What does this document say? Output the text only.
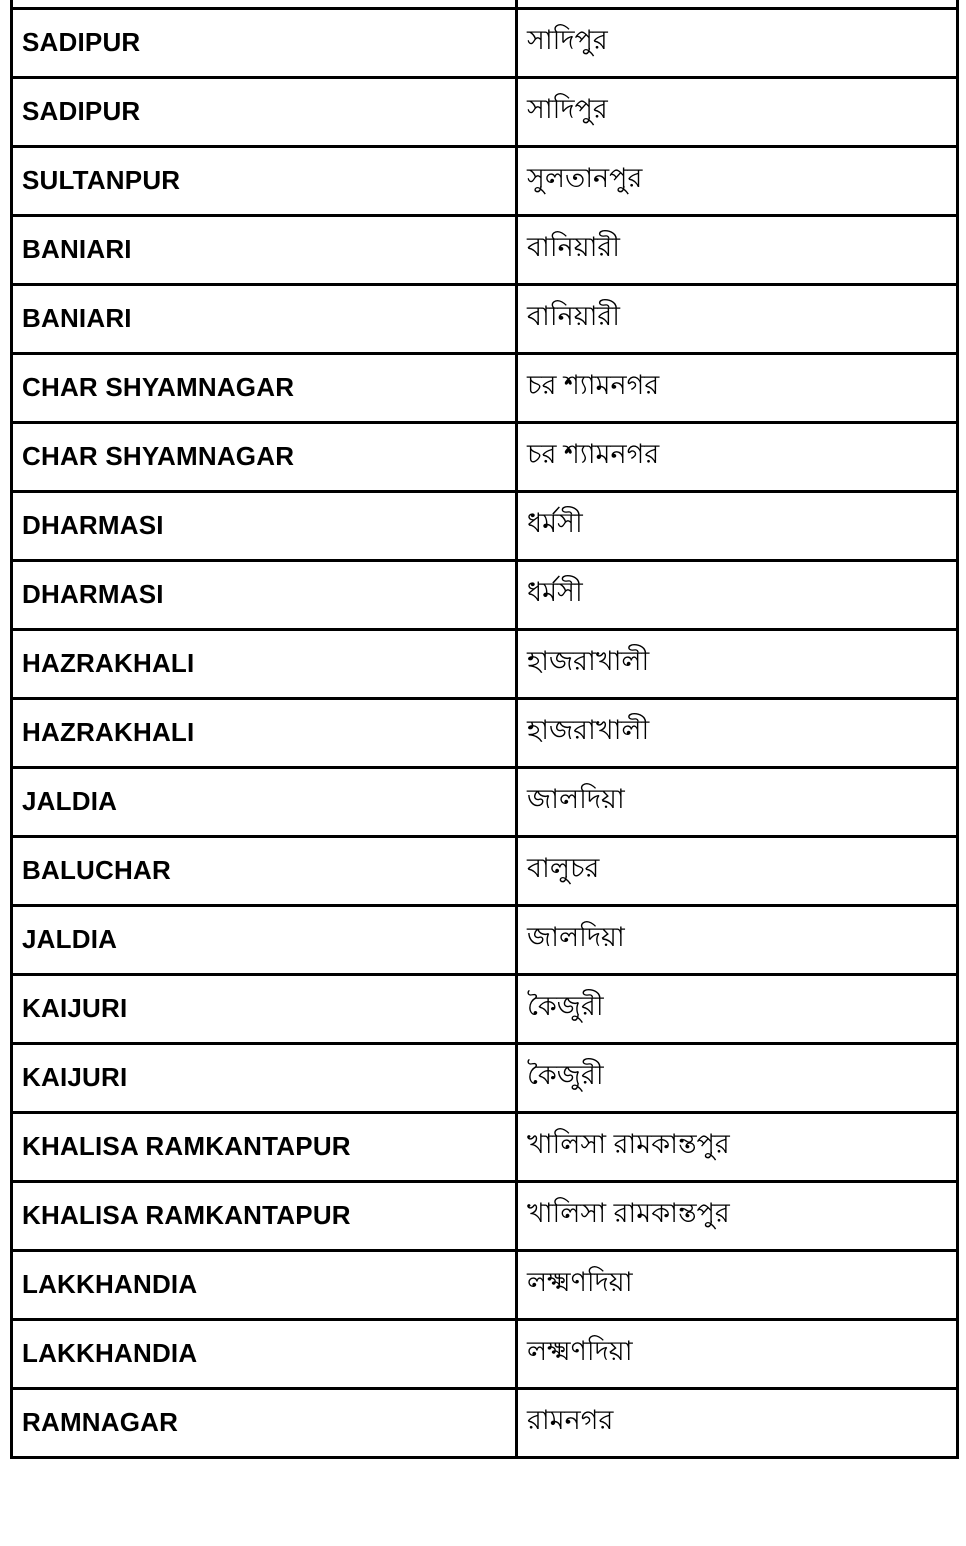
SADIPUR	সাদিপুর
SADIPUR	সাদিপুর
SULTANPUR	সুলতানপুর
BANIARI	বানিয়ারী
BANIARI	বানিয়ারী
CHAR SHYAMNAGAR	চর শ্যামনগর
CHAR SHYAMNAGAR	চর শ্যামনগর
DHARMASI	ধর্মসী
DHARMASI	ধর্মসী
HAZRAKHALI	হাজরাখালী
HAZRAKHALI	হাজরাখালী
JALDIA	জালদিয়া
BALUCHAR	বালুচর
JALDIA	জালদিয়া
KAIJURI	কৈজুরী
KAIJURI	কৈজুরী
KHALISA RAMKANTAPUR	খালিসা রামকান্তপুর
KHALISA RAMKANTAPUR	খালিসা রামকান্তপুর
LAKKHANDIA	লক্ষ্মণদিয়া
LAKKHANDIA	লক্ষ্মণদিয়া
RAMNAGAR	রামনগর
